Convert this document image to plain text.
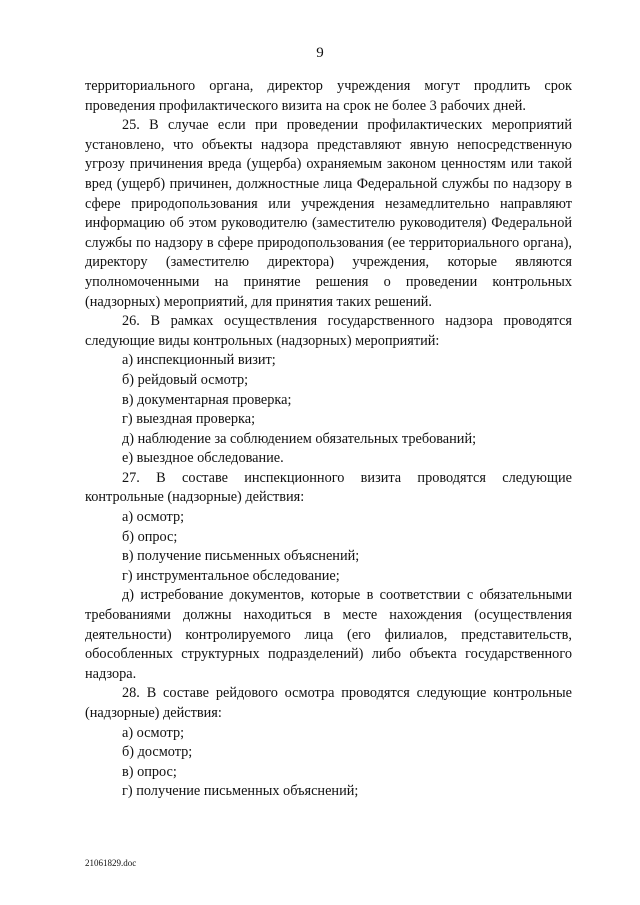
9

территориального органа, директор учреждения могут продлить срок проведения профилактического визита на срок не более 3 рабочих дней.

25. В случае если при проведении профилактических мероприятий установлено, что объекты надзора представляют явную непосредственную угрозу причинения вреда (ущерба) охраняемым законом ценностям или такой вред (ущерб) причинен, должностные лица Федеральной службы по надзору в сфере природопользования или учреждения незамедлительно направляют информацию об этом руководителю (заместителю руководителя) Федеральной службы по надзору в сфере природопользования (ее территориального органа), директору (заместителю директора) учреждения, которые являются уполномоченными на принятие решения о проведении контрольных (надзорных) мероприятий, для принятия таких решений.

26. В рамках осуществления государственного надзора проводятся следующие виды контрольных (надзорных) мероприятий:

а) инспекционный визит;

б) рейдовый осмотр;

в) документарная проверка;

г) выездная проверка;

д) наблюдение за соблюдением обязательных требований;

е) выездное обследование.

27. В составе инспекционного визита проводятся следующие контрольные (надзорные) действия:

а) осмотр;

б) опрос;

в) получение письменных объяснений;

г) инструментальное обследование;

д) истребование документов, которые в соответствии с обязательными требованиями должны находиться в месте нахождения (осуществления деятельности) контролируемого лица (его филиалов, представительств, обособленных структурных подразделений) либо объекта государственного надзора.

28. В составе рейдового осмотра проводятся следующие контрольные (надзорные) действия:

а) осмотр;

б) досмотр;

в) опрос;

г) получение письменных объяснений;

21061829.doc
